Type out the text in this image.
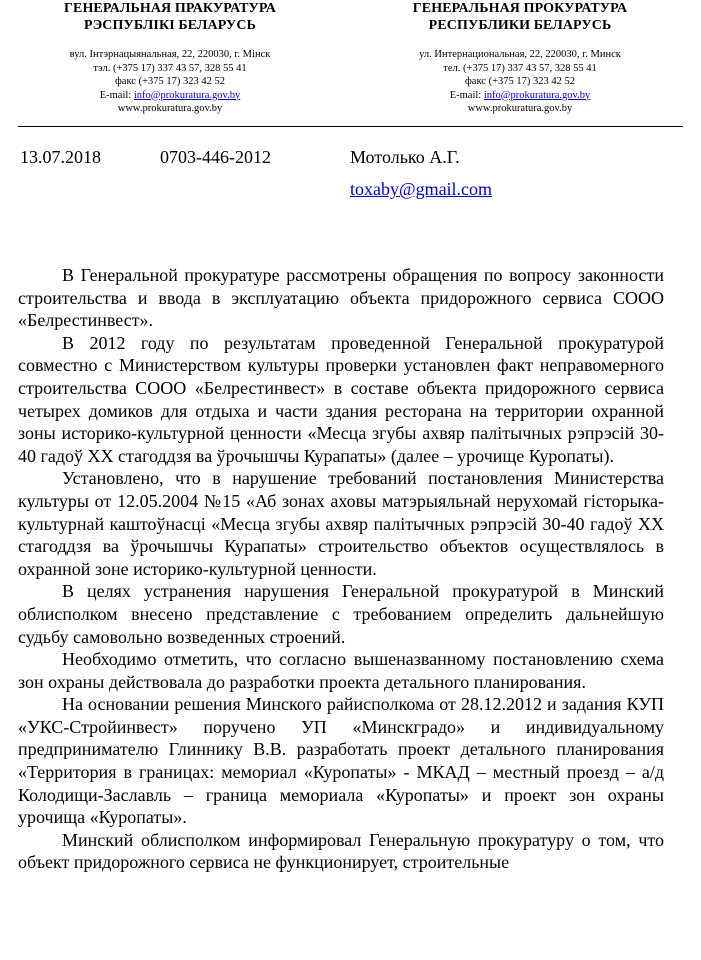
ГЕНЕРАЛЬНАЯ ПРАКУРАТУРА
РЭСПУБЛІКІ БЕЛАРУСЬ
вул. Інтэрнацыянальная, 22, 220030, г. Мінск
тэл. (+375 17) 337 43 57, 328 55 41
факс (+375 17) 323 42 52
E-mail: info@prokuratura.gov.by
www.prokuratura.gov.by
ГЕНЕРАЛЬНАЯ ПРОКУРАТУРА
РЕСПУБЛИКИ БЕЛАРУСЬ
ул. Интернациональная, 22, 220030, г. Минск
тел. (+375 17) 337 43 57, 328 55 41
факс (+375 17) 323 42 52
E-mail: info@prokuratura.gov.by
www.prokuratura.gov.by
13.07.2018	0703-446-2012	Мотолько А.Г.
toxaby@gmail.com

В Генеральной прокуратуре рассмотрены обращения по вопросу законности строительства и ввода в эксплуатацию объекта придорожного сервиса СООО «Белрестинвест».

В 2012 году по результатам проведенной Генеральной прокуратурой совместно с Министерством культуры проверки установлен факт неправомерного строительства СООО «Белрестинвест» в составе объекта придорожного сервиса четырех домиков для отдыха и части здания ресторана на территории охранной зоны историко-культурной ценности «Месца згубы ахвяр палітычных рэпрэсій 30-40 гадоў XX стагоддзя ва ўрочышчы Курапаты» (далее – урочище Куропаты).

Установлено, что в нарушение требований постановления Министерства культуры от 12.05.2004 №15 «Аб зонах аховы матэрыяльнай нерухомай гісторыка-культурнай каштоўнасці «Месца згубы ахвяр палітычных рэпрэсій 30-40 гадоў XX стагоддзя ва ўрочышчы Курапаты» строительство объектов осуществлялось в охранной зоне историко-культурной ценности.

В целях устранения нарушения Генеральной прокуратурой в Минский облисполком внесено представление с требованием определить дальнейшую судьбу самовольно возведенных строений.

Необходимо отметить, что согласно вышеназванному постановлению схема зон охраны действовала до разработки проекта детального планирования.

На основании решения Минского райисполкома от 28.12.2012 и задания КУП «УКС-Стройинвест» поручено УП «Минскградо» и индивидуальному предпринимателю Глиннику В.В. разработать проект детального планирования «Территория в границах: мемориал «Куропаты» - МКАД – местный проезд – а/д Колодищи-Заславль – граница мемориала «Куропаты» и проект зон охраны урочища «Куропаты».

Минский облисполком информировал Генеральную прокуратуру о том, что объект придорожного сервиса не функционирует, строительные
